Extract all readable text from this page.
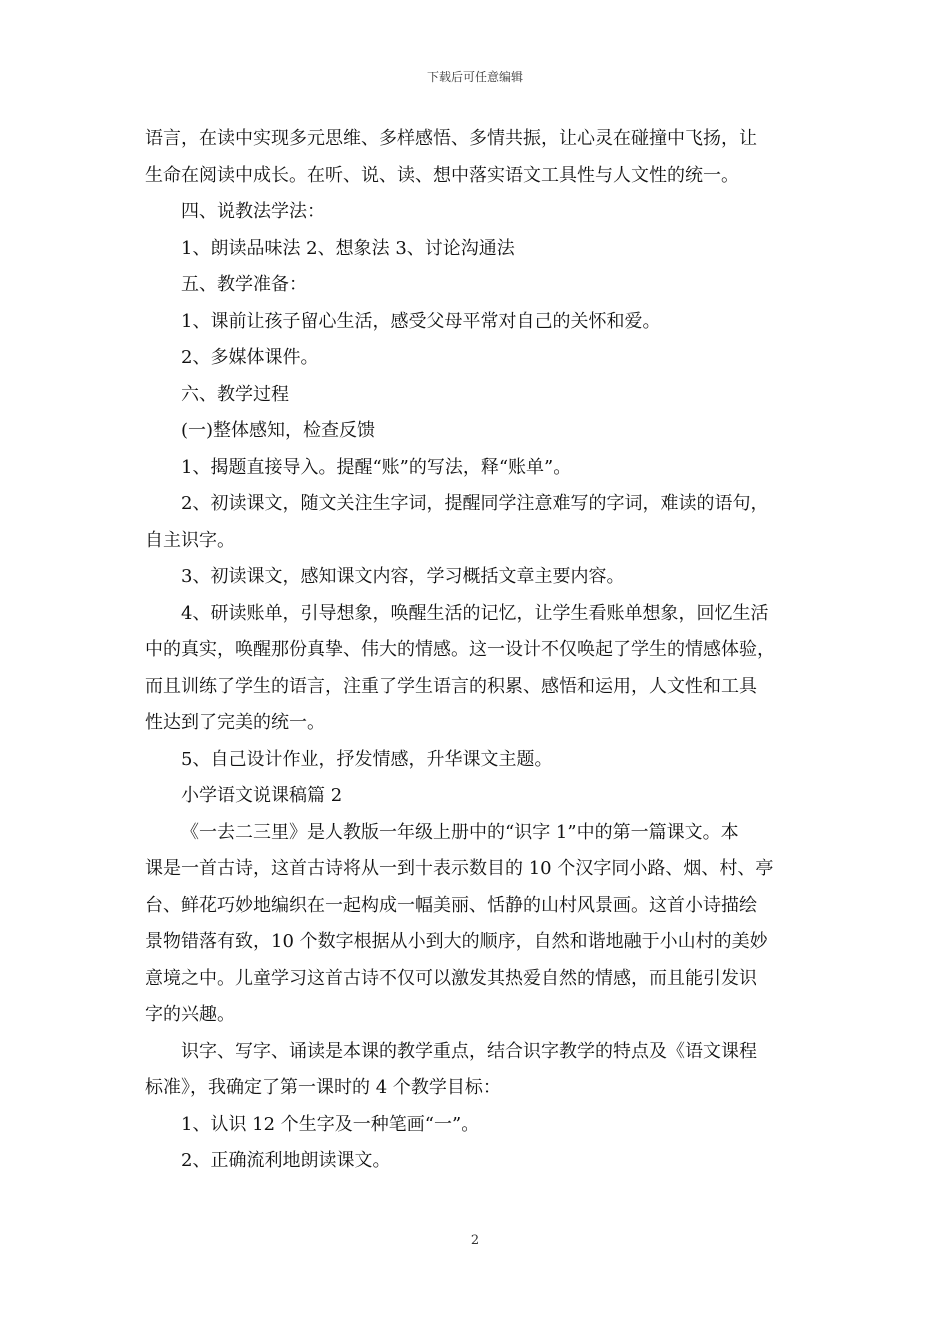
下载后可任意编辑

语言，在读中实现多元思维、多样感悟、多情共振，让心灵在碰撞中飞扬，让

生命在阅读中成长。在听、说、读、想中落实语文工具性与人文性的统一。

四、说教法学法：

1、朗读品味法 2、想象法 3、讨论沟通法

五、教学准备：

1、课前让孩子留心生活，感受父母平常对自己的关怀和爱。

2、多媒体课件。

六、教学过程

(一)整体感知，检查反馈

1、揭题直接导入。提醒“账”的写法，释“账单”。

2、初读课文，随文关注生字词，提醒同学注意难写的字词，难读的语句，

自主识字。

3、初读课文，感知课文内容，学习概括文章主要内容。

4、研读账单，引导想象，唤醒生活的记忆，让学生看账单想象，回忆生活

中的真实，唤醒那份真挚、伟大的情感。这一设计不仅唤起了学生的情感体验，

而且训练了学生的语言，注重了学生语言的积累、感悟和运用，人文性和工具

性达到了完美的统一。

5、自己设计作业，抒发情感，升华课文主题。

小学语文说课稿篇 2

《一去二三里》是人教版一年级上册中的“识字 1”中的第一篇课文。本

课是一首古诗，这首古诗将从一到十表示数目的 10 个汉字同小路、烟、村、亭

台、鲜花巧妙地编织在一起构成一幅美丽、恬静的山村风景画。这首小诗描绘

景物错落有致，10 个数字根据从小到大的顺序，自然和谐地融于小山村的美妙

意境之中。儿童学习这首古诗不仅可以激发其热爱自然的情感，而且能引发识

字的兴趣。

识字、写字、诵读是本课的教学重点，结合识字教学的特点及《语文课程

标准》，我确定了第一课时的 4 个教学目标：

1、认识 12 个生字及一种笔画“一”。

2、正确流利地朗读课文。

2
